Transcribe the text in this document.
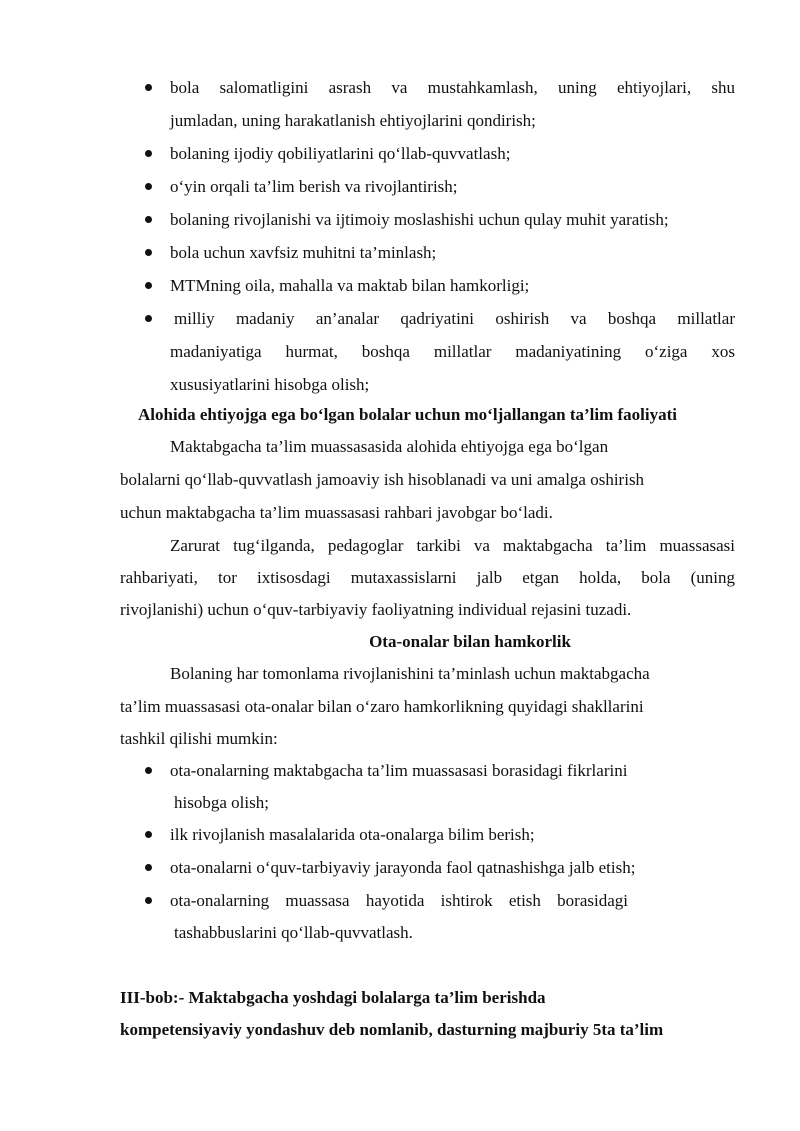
bola salomatligini asrash va mustahkamlash, uning ehtiyojlari, shu
jumladan, uning harakatlanish ehtiyojlarini qondirish;
bolaning ijodiy qobiliyatlarini qo‘llab-quvvatlash;
o‘yin orqali ta’lim berish va rivojlantirish;
bolaning rivojlanishi va ijtimoiy moslashishi uchun qulay muhit yaratish;
bola uchun xavfsiz muhitni ta’minlash;
MTMning oila, mahalla va maktab bilan hamkorligi;
milliy madaniy an’analar qadriyatini oshirish va boshqa millatlar
madaniyatiga hurmat, boshqa millatlar madaniyatining o‘ziga xos
xususiyatlarini hisobga olish;
Alohida ehtiyojga ega bo‘lgan bolalar uchun mo‘ljallangan ta’lim faoliyati
Maktabgacha ta’lim muassasasida alohida ehtiyojga ega bo‘lgan
bolalarni qo‘llab-quvvatlash jamoaviy ish hisoblanadi va uni amalga oshirish
uchun maktabgacha ta’lim muassasasi rahbari javobgar bo‘ladi.
Zarurat tug‘ilganda, pedagoglar tarkibi va maktabgacha ta’lim muassasasi
rahbariyati, tor ixtisosdagi mutaxassislarni jalb etgan holda, bola (uning
rivojlanishi) uchun o‘quv-tarbiyaviy faoliyatning individual rejasini tuzadi.
Ota-onalar bilan hamkorlik
Bolaning har tomonlama rivojlanishini ta’minlash uchun maktabgacha
ta’lim muassasasi ota-onalar bilan o‘zaro hamkorlikning quyidagi shakllarini
tashkil qilishi mumkin:
ota-onalarning maktabgacha ta’lim muassasasi borasidagi fikrlarini
hisobga olish;
ilk rivojlanish masalalarida ota-onalarga bilim berish;
ota-onalarni o‘quv-tarbiyaviy jarayonda faol qatnashishga jalb etish;
ota-onalarning muassasa hayotida ishtirok etish borasidagi
tashabbuslarini qo‘llab-quvvatlash.
III-bob:- Maktabgacha yoshdagi bolalarga ta’lim berishda
kompetensiyaviy yondashuv deb nomlanib, dasturning majburiy 5ta ta’lim
